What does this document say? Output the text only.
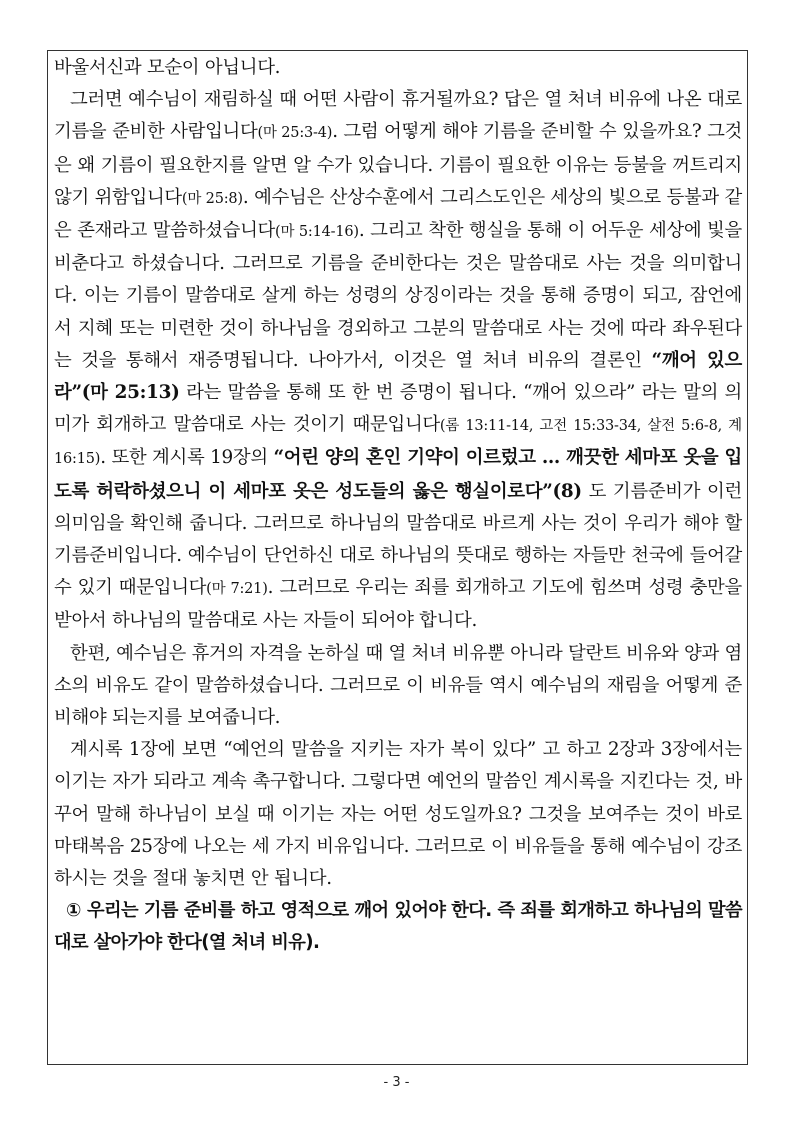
바울서신과 모순이 아닙니다.

그러면 예수님이 재림하실 때 어떤 사람이 휴거될까요? 답은 열 처녀 비유에 나온 대로 기름을 준비한 사람입니다(마 25:3-4). 그럼 어떻게 해야 기름을 준비할 수 있을까요? 그것은 왜 기름이 필요한지를 알면 알 수가 있습니다. 기름이 필요한 이유는 등불을 꺼트리지 않기 위함입니다(마 25:8). 예수님은 산상수훈에서 그리스도인은 세상의 빛으로 등불과 같은 존재라고 말씀하셨습니다(마 5:14-16). 그리고 착한 행실을 통해 이 어두운 세상에 빛을 비춘다고 하셨습니다. 그러므로 기름을 준비한다는 것은 말씀대로 사는 것을 의미합니다. 이는 기름이 말씀대로 살게 하는 성령의 상징이라는 것을 통해 증명이 되고, 잠언에서 지혜 또는 미련한 것이 하나님을 경외하고 그분의 말씀대로 사는 것에 따라 좌우된다는 것을 통해서 재증명됩니다. 나아가서, 이것은 열 처녀 비유의 결론인 “깨어 있으라”(마 25:13) 라는 말씀을 통해 또 한 번 증명이 됩니다. “깨어 있으라” 라는 말의 의미가 회개하고 말씀대로 사는 것이기 때문입니다(롬 13:11-14, 고전 15:33-34, 살전 5:6-8, 계 16:15). 또한 계시록 19장의 “어린 양의 혼인 기약이 이르렀고 … 깨끗한 세마포 옷을 입도록 허락하셨으니 이 세마포 옷은 성도들의 옳은 행실이로다”(8) 도 기름준비가 이런 의미임을 확인해 줍니다. 그러므로 하나님의 말씀대로 바르게 사는 것이 우리가 해야 할 기름준비입니다. 예수님이 단언하신 대로 하나님의 뜻대로 행하는 자들만 천국에 들어갈 수 있기 때문입니다(마 7:21). 그러므로 우리는 죄를 회개하고 기도에 힘쓰며 성령 충만을 받아서 하나님의 말씀대로 사는 자들이 되어야 합니다.

한편, 예수님은 휴거의 자격을 논하실 때 열 처녀 비유뿐 아니라 달란트 비유와 양과 염소의 비유도 같이 말씀하셨습니다. 그러므로 이 비유들 역시 예수님의 재림을 어떻게 준비해야 되는지를 보여줍니다.

계시록 1장에 보면 “예언의 말씀을 지키는 자가 복이 있다” 고 하고 2장과 3장에서는 이기는 자가 되라고 계속 촉구합니다. 그렇다면 예언의 말씀인 계시록을 지킨다는 것, 바꾸어 말해 하나님이 보실 때 이기는 자는 어떤 성도일까요? 그것을 보여주는 것이 바로 마태복음 25장에 나오는 세 가지 비유입니다. 그러므로 이 비유들을 통해 예수님이 강조하시는 것을 절대 놓치면 안 됩니다.

① 우리는 기름 준비를 하고 영적으로 깨어 있어야 한다. 즉 죄를 회개하고 하나님의 말씀대로 살아가야 한다(열 처녀 비유).

- 3 -
